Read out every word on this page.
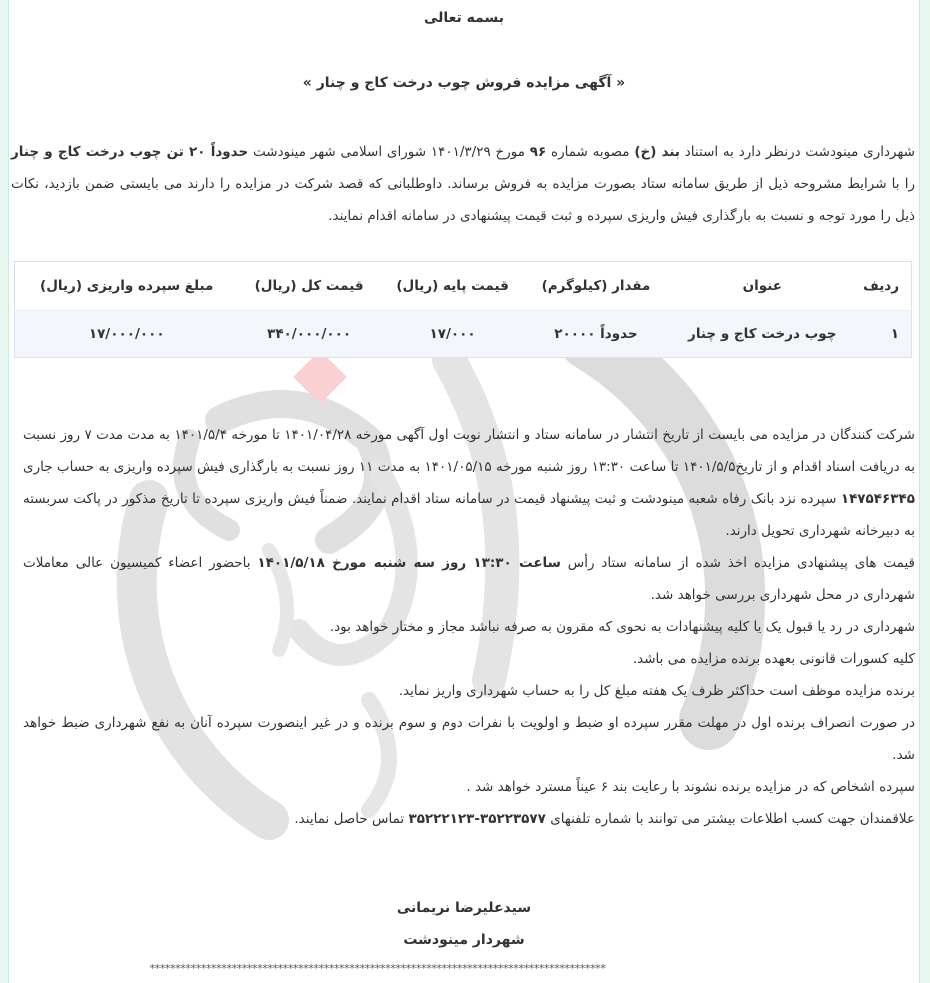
بسمه تعالی
« آگهی مزایده فروش چوب درخت کاج و چنار »
شهرداری مینودشت درنظر دارد به استناد بند (خ) مصوبه شماره ۹۶ مورخ ۱۴۰۱/۳/۲۹ شورای اسلامی شهر مینودشت حدوداً ۲۰ تن چوب درخت کاج و چنار را با شرایط مشروحه ذیل از طریق سامانه ستاد بصورت مزایده به فروش برساند. داوطلبانی که قصد شرکت در مزایده را دارند می بایستی ضمن بازدید، نکات ذیل را مورد توجه و نسبت به بارگذاری فیش واریزی سپرده و ثبت قیمت پیشنهادی در سامانه اقدام نمایند.
ردیف	عنوان	مقدار (کیلوگرم)	قیمت پایه (ریال)	قیمت کل (ریال)	مبلغ سپرده واریزی (ریال)
۱	چوب درخت کاج و چنار	حدوداً ۲۰۰۰۰	۱۷/۰۰۰	۳۴۰/۰۰۰/۰۰۰	۱۷/۰۰۰/۰۰۰

شرکت کنندگان در مزایده می بایست از تاریخ انتشار در سامانه ستاد و انتشار نوبت اول آگهی مورخه ۱۴۰۱/۰۴/۲۸ تا مورخه ۱۴۰۱/۵/۴ به مدت مدت ۷ روز نسبت به دریافت اسناد اقدام و از تاریخ۱۴۰۱/۵/۵ تا ساعت ۱۳:۳۰ روز شنبه مورخه ۱۴۰۱/۰۵/۱۵ به مدت ۱۱ روز نسبت به بارگذاری فیش سپرده واریزی به حساب جاری ۱۴۷۵۴۶۳۴۵ سپرده نزد بانک رفاه شعبه مینودشت و ثبت پیشنهاد قیمت در سامانه ستاد اقدام نمایند. ضمناً فیش واریزی سپرده تا تاریخ مذکور در پاکت سربسته به دبیرخانه شهرداری تحویل دارند.

قیمت های پیشنهادی مزایده اخذ شده از سامانه ستاد رأس ساعت ۱۳:۳۰ روز سه شنبه مورخ ۱۴۰۱/۵/۱۸ باحضور اعضاء کمیسیون عالی معاملات شهرداری در محل شهرداری بررسی خواهد شد.

شهرداری در رد یا قبول یک یا کلیه پیشنهادات به نحوی که مقرون به صرفه نباشد مجاز و مختار خواهد بود.

کلیه کسورات قانونی بعهده برنده مزایده می باشد.

برنده مزایده موظف است حداکثر ظرف یک هفته مبلغ کل را به حساب شهرداری واریز نماید.

در صورت انصراف برنده اول در مهلت مقرر سپرده او ضبط و اولویت با نفرات دوم و سوم برنده و در غیر اینصورت سپرده آنان به نفع شهرداری ضبط خواهد شد.

سپرده اشخاص که در مزایده برنده نشوند با رعایت بند ۶ عیناً مسترد خواهد شد .

علاقمندان جهت کسب اطلاعات بیشتر می توانند با شماره تلفنهای ۳۵۲۲۳۵۷۷-۳۵۲۲۲۱۲۳ تماس حاصل نمایند.

سیدعلیرضا نریمانی
شهردار مینودشت
*****************************************************************************************
